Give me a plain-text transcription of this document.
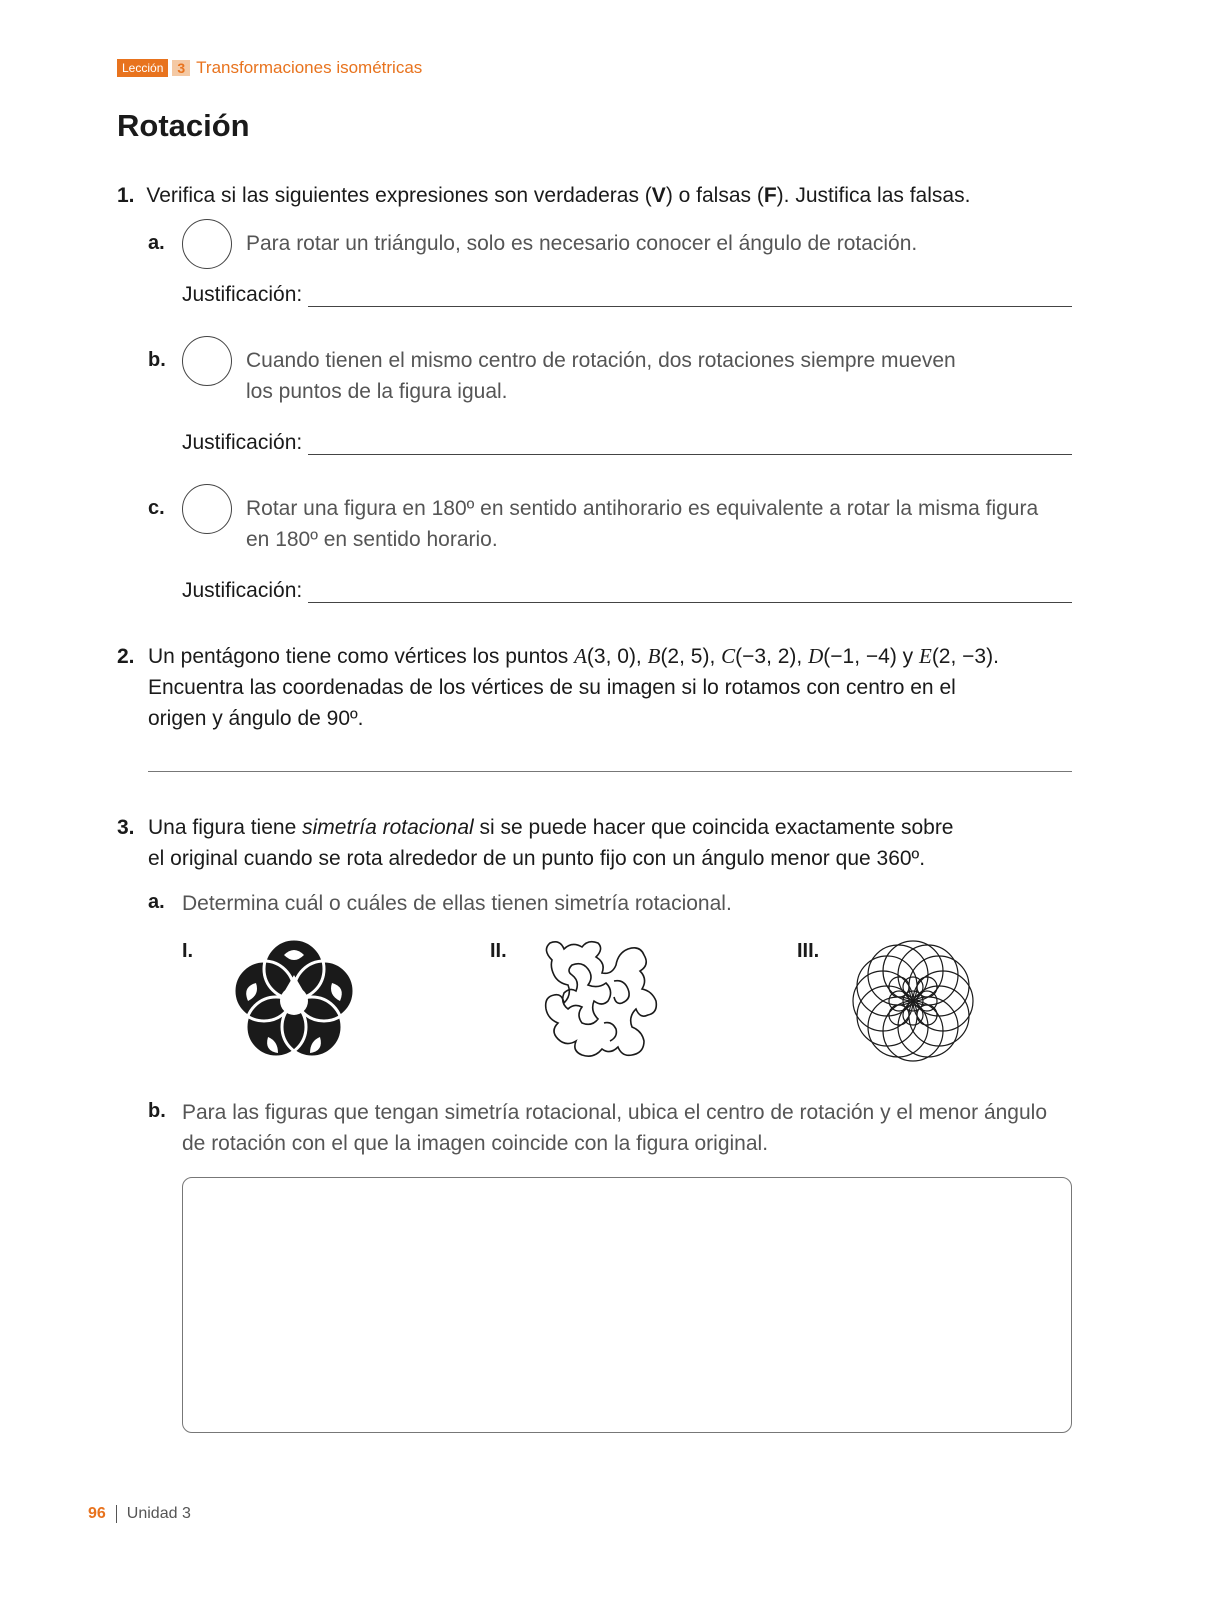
Lección	3 Transformaciones isométricas
Rotación
1. Verifica si las siguientes expresiones son verdaderas (V) o falsas (F). Justifica las falsas.
a.	Para rotar un triángulo, solo es necesario conocer el ángulo de rotación.
Justificación:
b.	Cuando tienen el mismo centro de rotación, dos rotaciones siempre mueven
los puntos de la figura igual.
Justificación:
c.	Rotar una figura en 180º en sentido antihorario es equivalente a rotar la misma figura
en 180º en sentido horario.
Justificación:
2. Un pentágono tiene como vértices los puntos A(3, 0), B(2, 5), C(−3, 2), D(−1, −4) y E(2, −3).
Encuentra las coordenadas de los vértices de su imagen si lo rotamos con centro en el
origen y ángulo de 90º.
3. Una figura tiene simetría rotacional si se puede hacer que coincida exactamente sobre
el original cuando se rota alrededor de un punto fijo con un ángulo menor que 360º.
a. Determina cuál o cuáles de ellas tienen simetría rotacional.
I.	II.	III.
b. Para las figuras que tengan simetría rotacional, ubica el centro de rotación y el menor ángulo
de rotación con el que la imagen coincide con la figura original.
96 Unidad 3
